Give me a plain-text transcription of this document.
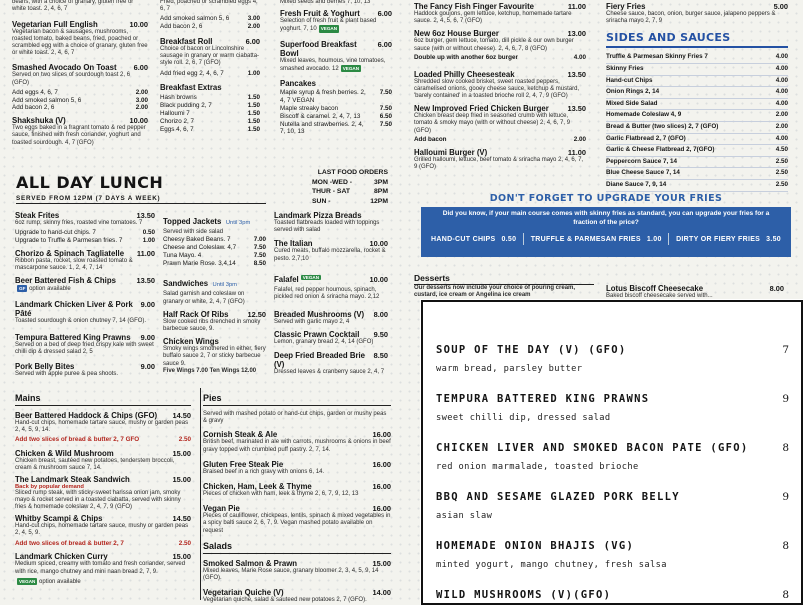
beans, with a choice of granary, gluten free or white toast. 2, 4, 6, 7
Vegetarian Full English	10.00
Vegetarian bacon & sausages, mushrooms, roasted tomato, baked beans, fried, poached or scrambled egg with a choice of granary, gluten free or white toast. 2, 4, 6, 7
Smashed Avocado On Toast 6.00
Served on two slices of sourdough toast 2, 6 (GFO)
Add eggs 4, 6, 7	2.00
Add smoked salmon 5, 6	3.00
Add bacon 2, 6	2.00
Shakshuka (V)	10.00
Two eggs baked in a fragrant tomato & red pepper sauce, finished with fresh coriander, yoghurt and toasted sourdough. 4, 7 (GFO)
Fried, poached or scrambled eggs 4, 6, 7
Add smoked salmon 5, 6	3.00
Add bacon 2, 6	2.00
Breakfast Roll	6.00
Choice of bacon or Lincolnshire sausage in granary or warm ciabatta-style roll. 2, 6, 7 (GFO)
Add fried egg 2, 4, 6, 7	1.00
Breakfast Extras
Hash browns	1.50
Black pudding 2, 7	1.50
Halloumi 7	1.50
Chorizo 2, 7	1.50
Eggs 4, 6, 7	1.50
Mixed seeds and berries 7, 10, 13
Fresh Fruit & Yoghurt 6.00
Selection of fresh fruit & plant based yoghurt. 7, 10 VEGAN
Superfood Breakfast Bowl
6.00
Mixed leaves, houmous, vine tomatoes, smashed avocado. 12 VEGAN
Pancakes
Maple syrup & fresh berries. 2, 4, 7 VEGAN
7.50
Maple streaky bacon	7.50
Biscoff & caramel. 2, 4, 7, 13	6.50
Nutella and strawberries. 2, 4, 7, 10, 13
7.50
The Fancy Fish Finger Favourite	11.00
Haddock goujons, gem lettuce, ketchup, homemade tartare sauce. 2, 4, 5, 6, 7 (GFO)
New 6oz House Burger	13.00
6oz burger, gem lettuce, tomato, dill pickle & our own burger sauce (with or without cheese). 2, 4, 6, 7, 8 (GFO)
Double up with another 6oz burger	4.00
Loaded Philly Cheesesteak	13.50
Shredded slow cooked brisket, sweet roasted peppers, caramelised onions, gooey cheese sauce, ketchup & mustard, 'barely contained' in a toasted brioche roll 2, 4, 7, 9 (GFO)
New Improved Fried Chicken Burger	13.50
Chicken breast deep fried in seasoned crumb with lettuce, tomato & smoky mayo (with or without cheese) 2, 4, 6, 7, 9 (GFO)
Add bacon	2.00
Halloumi Burger (V)	11.00
Grilled halloumi, lettuce, beef tomato & sriracha mayo 2, 4, 6, 7, 9 (GFO)
Fiery Fries	5.00
Cheese sauce, bacon, onion, burger sauce, jalapeno peppers & sriracha mayo 2, 7, 9
SIDES AND SAUCES
Truffle & Parmesan Skinny Fries 7	4.00
Skinny Fries	4.00
Hand-cut Chips	4.00
Onion Rings 2, 14	4.00
Mixed Side Salad	4.00
Homemade Coleslaw 4, 9	2.00
Bread & Butter (two slices) 2, 7 (GFO)	2.00
Garlic Flatbread 2, 7 (GFO)	4.00
Garlic & Cheese Flatbread 2, 7(GFO)	4.50
Peppercorn Sauce 7, 14	2.50
Blue Cheese Sauce 7, 14	2.50
Diane Sauce 7, 9, 14	2.50
ALL DAY LUNCH
SERVED FROM 12PM (7 DAYS A WEEK)
LAST FOOD ORDERS
MON -WED -	3PM
THUR - SAT	8PM
SUN -	12PM
Steak Frites	13.50
6oz rump, skinny fries, roasted vine tomatoes. 7
Upgrade to hand-cut chips. 7	0.50
Upgrade to Truffle & Parmesan fries. 7	1.00
Chorizo & Spinach Tagliatelle 11.00
Ribbon pasta, rocket, slow roasted tomato & mascarpone sauce. 1, 2, 4, 7, 14
Beer Battered Fish & Chips	13.50
GF option available
Landmark Chicken Liver & Pork Pâté
9.00
Toasted sourdough & onion chutney 7, 14 (GFO).
Tempura Battered King Prawns 9.00
Served on a bed of deep fried crispy kale with sweet chilli dip & dressed salad 2, 5
Pork Belly Bites	9.00
Served with apple puree & pea shoots.
Topped Jackets Until 3pm
Served with side salad
Cheesy Baked Beans. 7	7.00
Cheese and Coleslaw. 4,7	7.50
Tuna Mayo. 4	7.50
Prawn Marie Rose. 3,4,14	8.50
Sandwiches Until 3pm
Salad garnish and coleslaw on granary or white, 2, 4, 7 (GFO)
Half Rack Of Ribs	12.50
Slow cooked ribs drenched in smoky barbecue sauce, 9.
Chicken Wings
Smoky wings smothered in either, fiery buffalo sauce 2, 7 or sticky barbecue sauce 9.
Five Wings 7.00 Ten Wings 12.00
Landmark Pizza Breads
Toasted flatbreads loaded with toppings served with salad
The Italian	10.00
Cured meats, buffalo mozzarella, rocket & pesto. 2,7,10
Falafel VEGAN	10.00
Falafel, red pepper houmous, spinach, pickled red onion & sriracha mayo. 2,12
Breaded Mushrooms (V) 8.00
Served with garlic mayo 2, 4
Classic Prawn Cocktail 9.50
Lemon, granary bread 2, 4, 14 (GFO)
Deep Fried Breaded Brie (V)
8.50
Dressed leaves & cranberry sauce 2, 4, 7
DON'T FORGET TO UPGRADE YOUR FRIES
Did you know, if your main course comes with skinny fries as standard, you can upgrade your fries for a fraction of the price?
HAND-CUT CHIPS 0.50 TRUFFLE & PARMESAN FRIES 1.00 DIRTY OR FIERY FRIES 3.50
Desserts
Our desserts now include your choice of pouring cream, custard, ice cream or Angelina ice cream
Lotus Biscoff Cheesecake	8.00
Baked biscoff cheesecake served with...
Mains
Beer Battered Haddock & Chips (GFO) 14.50
Hand-cut chips, homemade tartare sauce, mushy or garden peas 2, 4, 5, 9, 14.
Add two slices of bread & butter 2, 7 GFO	2.50
Chicken & Wild Mushroom	15.00
Chicken breast, sautéed new potatoes, tenderstem broccoli, cream & mushroom sauce 7, 14.
The Landmark Steak Sandwich	15.00
Back by popular demand
Sliced rump steak, with sticky-sweet harissa onion jam, smoky mayo & rocket served in a toasted ciabatta, served with skinny fries & homemade coleslaw 2, 4, 7, 9 (GFO)
Whitby Scampi & Chips	14.50
Hand-cut chips, homemade tartare sauce, mushy or garden peas 2, 4, 5, 9.
Add two slices of bread & butter 2, 7	2.50
Landmark Chicken Curry	15.00
Medium spiced, creamy with tomato and fresh coriander, served with rice, mango chutney and mini naan bread 2, 7, 9.
VEGAN option available
Pies
Served with mashed potato or hand-cut chips, garden or mushy peas & gravy
Cornish Steak & Ale	16.00
British beef, marinated in ale with carrots, mushrooms & onions in beef gravy topped with crumbled puff pastry. 2, 7, 14.
Gluten Free Steak Pie	16.00
Braised beef in a rich gravy with onions 6, 14.
Chicken, Ham, Leek & Thyme	16.00
Pieces of chicken with ham, leek & thyme 2, 6, 7, 9, 12, 13
Vegan Pie	16.00
Pieces of cauliflower, chickpeas, lentils, spinach & mixed vegetables in a spicy balti sauce 2, 6, 7, 9. Vegan mashed potato available on request
Salads
Smoked Salmon & Prawn	15.00
Mixed leaves, Marie Rose sauce, granary bloomer 2, 3, 4, 5, 9, 14 (GFO).
Vegetarian Quiche (V)	14.00
Vegetarian quiche, salad & sauteed new potatoes 2, 7 (GFO).
SOUP OF THE DAY (V) (GFO)	7
warm bread, parsley butter
TEMPURA BATTERED KING PRAWNS	9
sweet chilli dip, dressed salad
CHICKEN LIVER AND SMOKED BACON PATE (GFO)	8
red onion marmalade, toasted brioche
BBQ AND SESAME GLAZED PORK BELLY	9
asian slaw
HOMEMADE ONION BHAJIS (VG)	8
minted yogurt, mango chutney, fresh salsa
WILD MUSHROOMS (V)(GFO)	8
